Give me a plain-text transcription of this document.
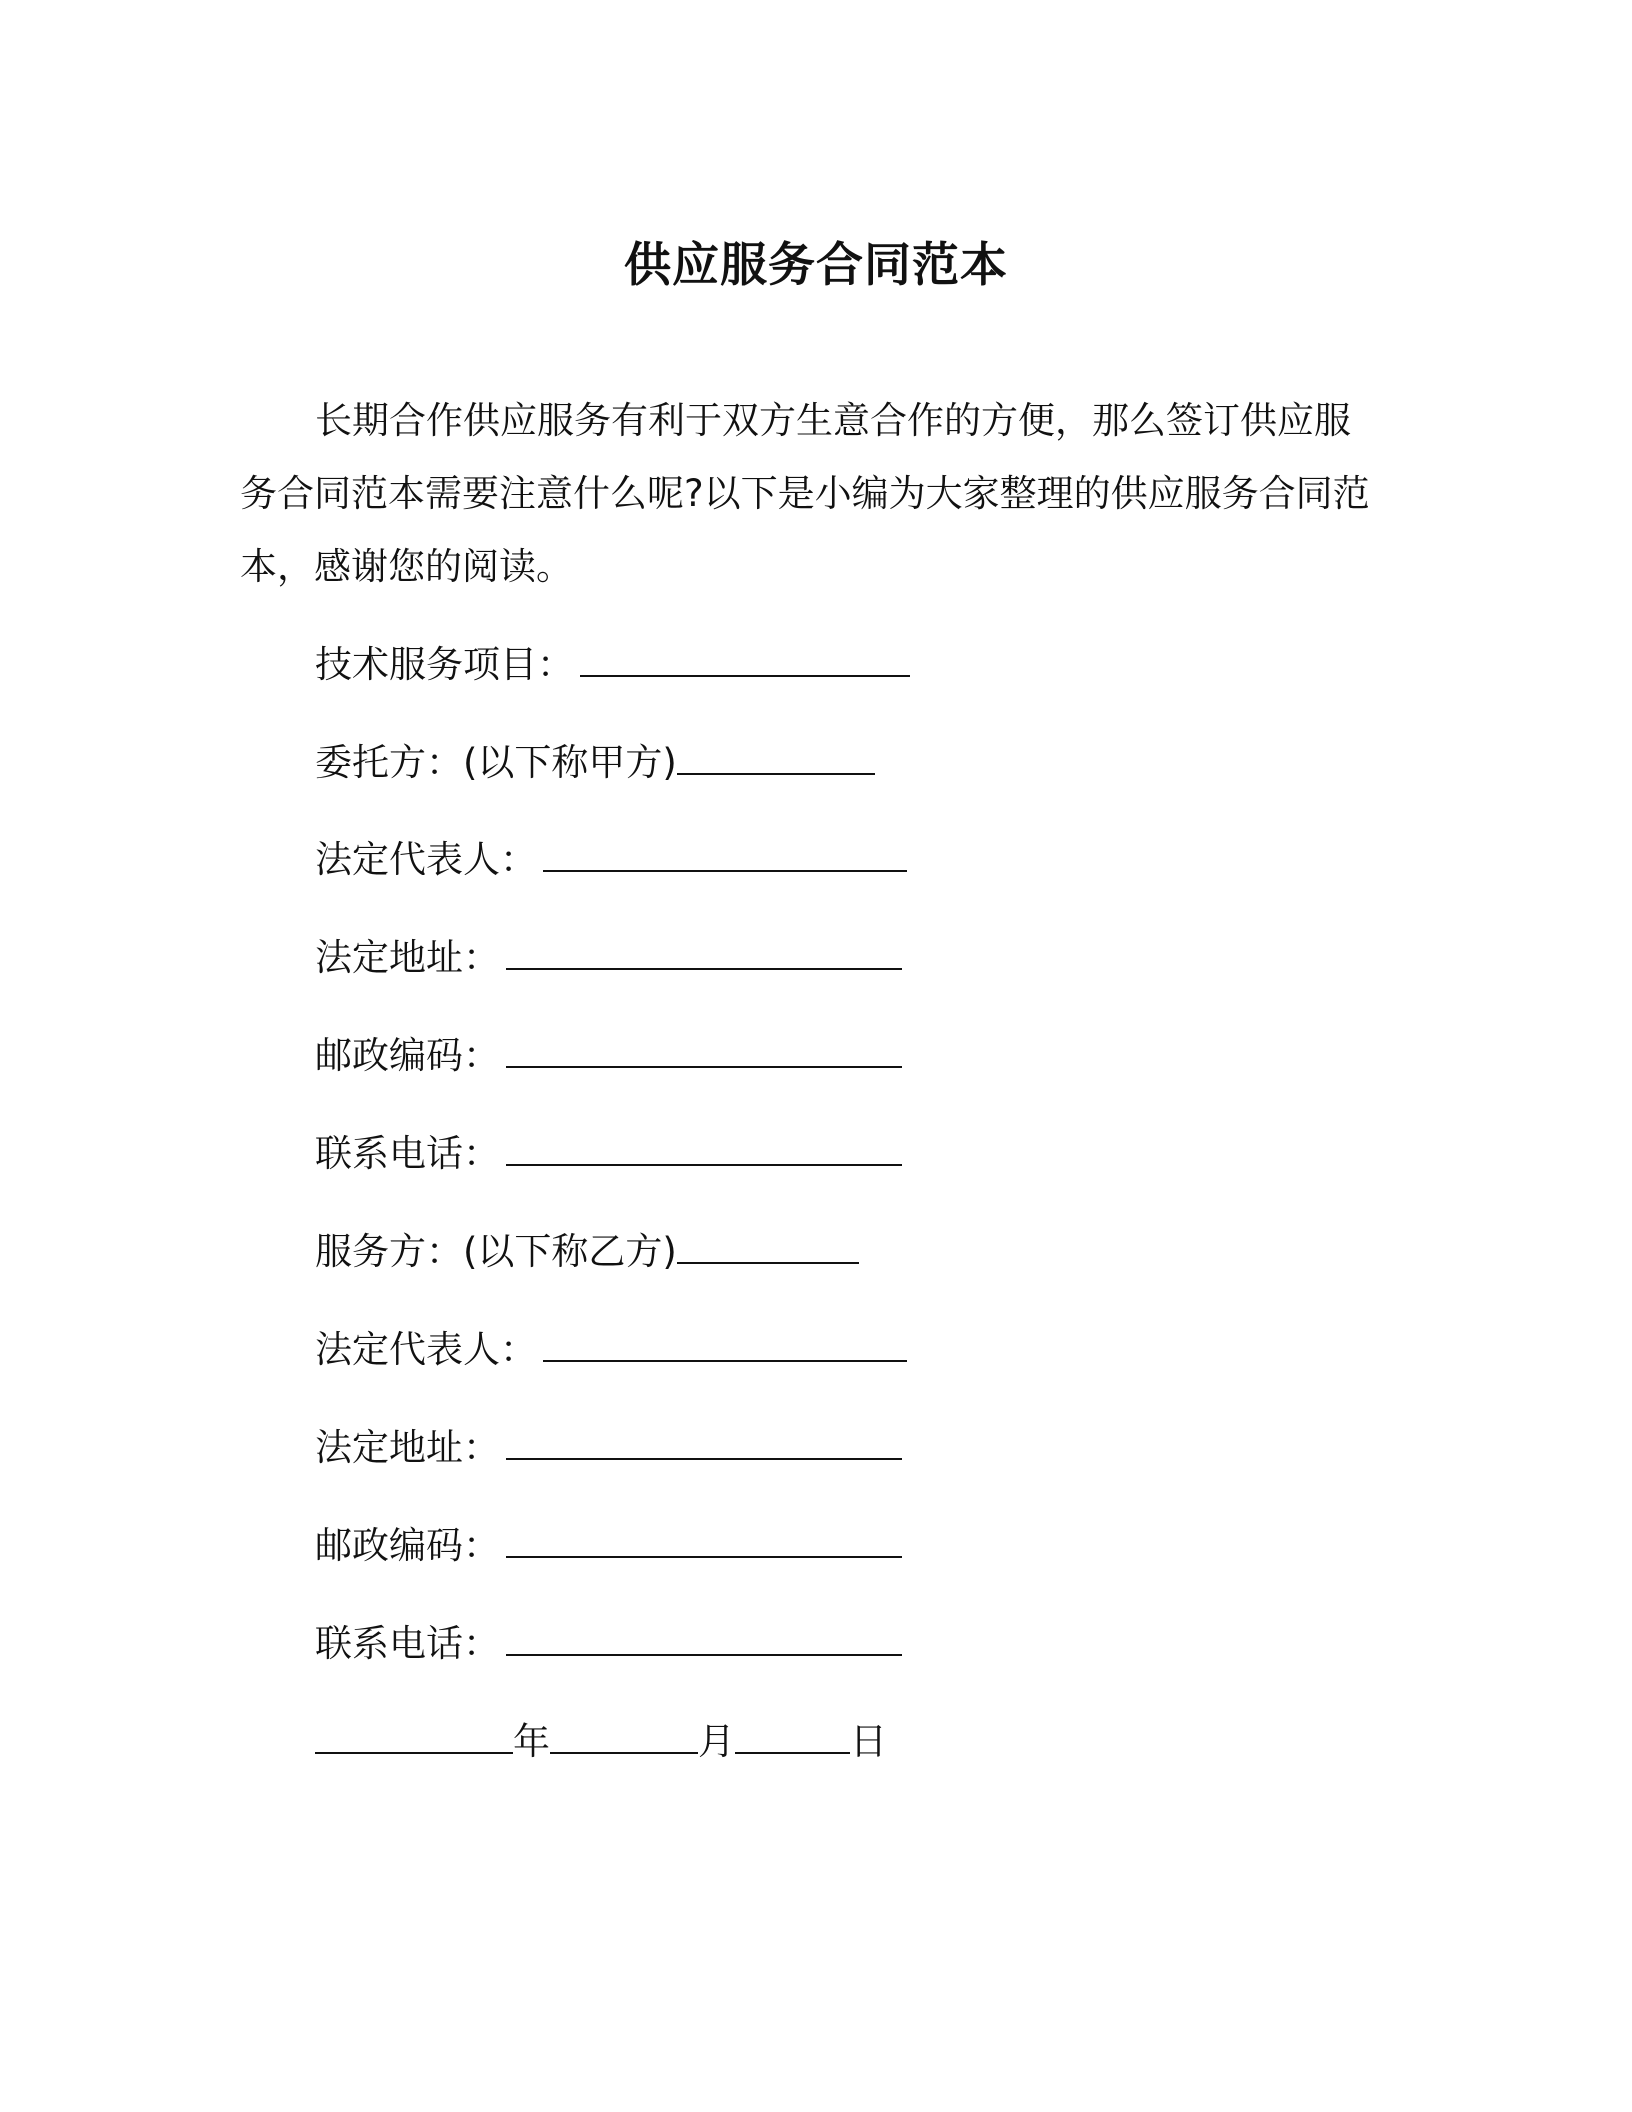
供应服务合同范本

长期合作供应服务有利于双方生意合作的方便，那么签订供应服务合同范本需要注意什么呢?以下是小编为大家整理的供应服务合同范本，感谢您的阅读。

技术服务项目：
委托方：(以下称甲方)
法定代表人：
法定地址：
邮政编码：
联系电话：
服务方：(以下称乙方)
法定代表人：
法定地址：
邮政编码：
联系电话：
年	月	日
